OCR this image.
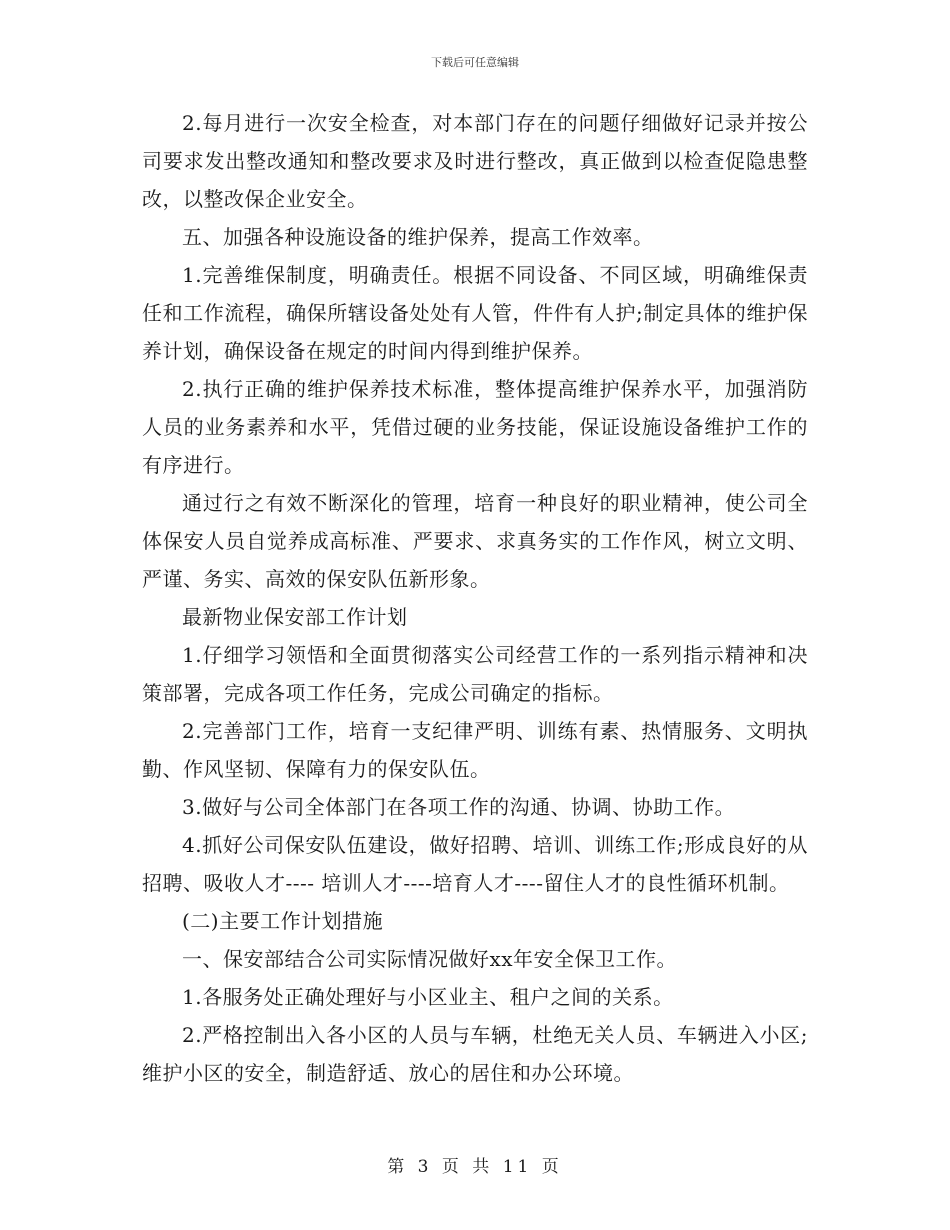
下载后可任意编辑

2.每月进行一次安全检查，对本部门存在的问题仔细做好记录并按公司要求发出整改通知和整改要求及时进行整改，真正做到以检查促隐患整改，以整改保企业安全。

五、加强各种设施设备的维护保养，提高工作效率。

1.完善维保制度，明确责任。根据不同设备、不同区域，明确维保责任和工作流程，确保所辖设备处处有人管，件件有人护;制定具体的维护保养计划，确保设备在规定的时间内得到维护保养。

2.执行正确的维护保养技术标准，整体提高维护保养水平，加强消防人员的业务素养和水平，凭借过硬的业务技能，保证设施设备维护工作的有序进行。

通过行之有效不断深化的管理，培育一种良好的职业精神，使公司全体保安人员自觉养成高标准、严要求、求真务实的工作作风，树立文明、严谨、务实、高效的保安队伍新形象。

最新物业保安部工作计划

1.仔细学习领悟和全面贯彻落实公司经营工作的一系列指示精神和决策部署，完成各项工作任务，完成公司确定的指标。

2.完善部门工作，培育一支纪律严明、训练有素、热情服务、文明执勤、作风坚韧、保障有力的保安队伍。

3.做好与公司全体部门在各项工作的沟通、协调、协助工作。

4.抓好公司保安队伍建设，做好招聘、培训、训练工作;形成良好的从招聘、吸收人才---- 培训人才----培育人才----留住人才的良性循环机制。

(二)主要工作计划措施

一、保安部结合公司实际情况做好xx年安全保卫工作。

1.各服务处正确处理好与小区业主、租户之间的关系。

2.严格控制出入各小区的人员与车辆，杜绝无关人员、车辆进入小区;维护小区的安全，制造舒适、放心的居住和办公环境。

第 3 页 共 11 页
